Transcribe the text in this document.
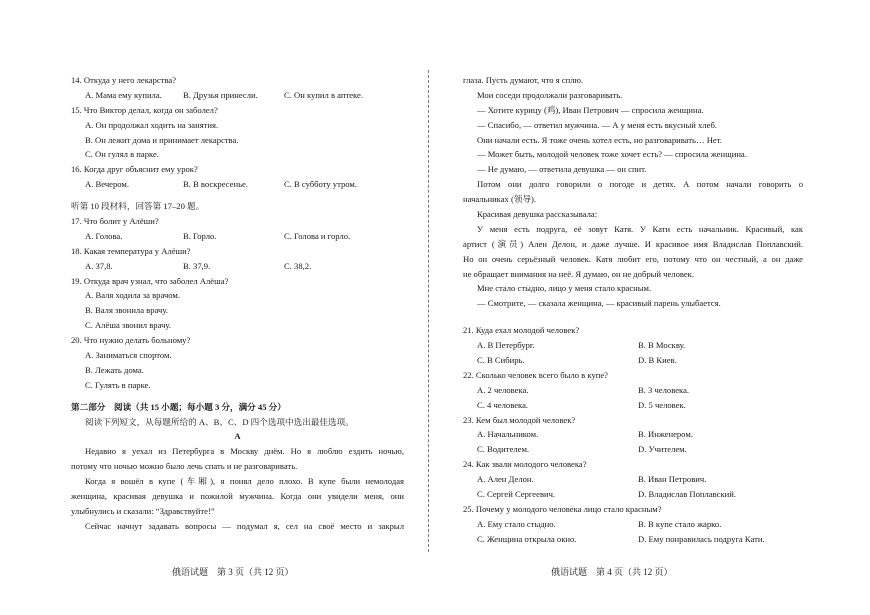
14. Откуда у него лекарства?
A. Мама ему купила.	B. Друзья принесли.	C. Он купил в аптеке.
15. Что Виктор делал, когда он заболел?
A. Он продолжал ходить на занятия.
B. Он лежит дома и принимает лекарства.
C. Он гулял в парке.
16. Когда друг объяснит ему урок?
A. Вечером.	B. В воскресенье.	C. В субботу утром.
听第 10 段材料，回答第 17–20 题。
17. Что болит у Алёши?
A. Голова.	B. Горло.	C. Голова и горло.
18. Какая температура у Алёши?
A. 37,8.	B. 37,9.	C. 38,2.
19. Откуда врач узнал, что заболел Алёша?
A. Валя ходила за врачом.
B. Валя звонила врачу.
C. Алёша звонил врачу.
20. Что нужно делать больному?
A. Заниматься спортом.
B. Лежать дома.
C. Гулять в парке.
第二部分　阅读（共 15 小题；每小题 3 分，满分 45 分）
阅读下列短文，从每题所给的 A、B、C、D 四个选项中选出最佳选项。
A
Недавно я уехал из Петербурга в Москву днём. Но я люблю ездить ночью,
потому что ночью можно было лечь спать и не разговаривать.
Когда я вошёл в купе (车厢), я понял дело плохо. В купе были немолодая
женщина, красивая девушка и пожилой мужчина. Когда они увидели меня, они
улыбнулись и сказали: “Здравствуйте!”
Сейчас начнут задавать вопросы — подумал я, сел на своё место и закрыл
俄语试题　第 3 页（共 12 页）
глаза. Пусть думают, что я сплю.
Мои соседи продолжали разговаривать.
— Хотите курицу (鸡), Иван Петрович — спросила женщина.
— Спасибо, — ответил мужчина. — А у меня есть вкусный хлеб.
Они начали есть. Я тоже очень хотел есть, но разговаривать… Нет.
— Может быть, молодой человек тоже хочет есть? — спросила женщина.
— Не думаю, — ответила девушка — он спит.
Потом они долго говорили о погоде и детях. А потом начали говорить о
начальниках (领导).
Красивая девушка рассказывала:
У меня есть подруга, её зовут Катя. У Кати есть начальник. Красивый, как
артист (演员) Ален Делон, и даже лучше. И красивое имя Владислав Поплавский.
Но он очень серьёзный человек. Катя любит его, потому что он честный, а он даже
не обращает внимания на неё. Я думаю, он не добрый человек.
Мне стало стыдно, лицо у меня стало красным.
— Смотрите, — сказала женщина, — красивый парень улыбается.
21. Куда ехал молодой человек?
A. В Петербург.	B. В Москву.
C. В Сибирь.	D. В Киев.
22. Сколько человек всего было в купе?
A. 2 человека.	B. 3 человека.
C. 4 человека.	D. 5 человек.
23. Кем был молодой человек?
A. Начальником.	B. Инженером.
C. Водителем.	D. Учителем.
24. Как звали молодого человека?
A. Ален Делон.	B. Иван Петрович.
C. Сергей Сергеевич.	D. Владислав Поплавский.
25. Почему у молодого человека лицо стало красным?
A. Ему стало стыдно.	B. В купе стало жарко.
C. Женщина открыла окно.	D. Ему понравилась подруга Кати.
俄语试题　第 4 页（共 12 页）
